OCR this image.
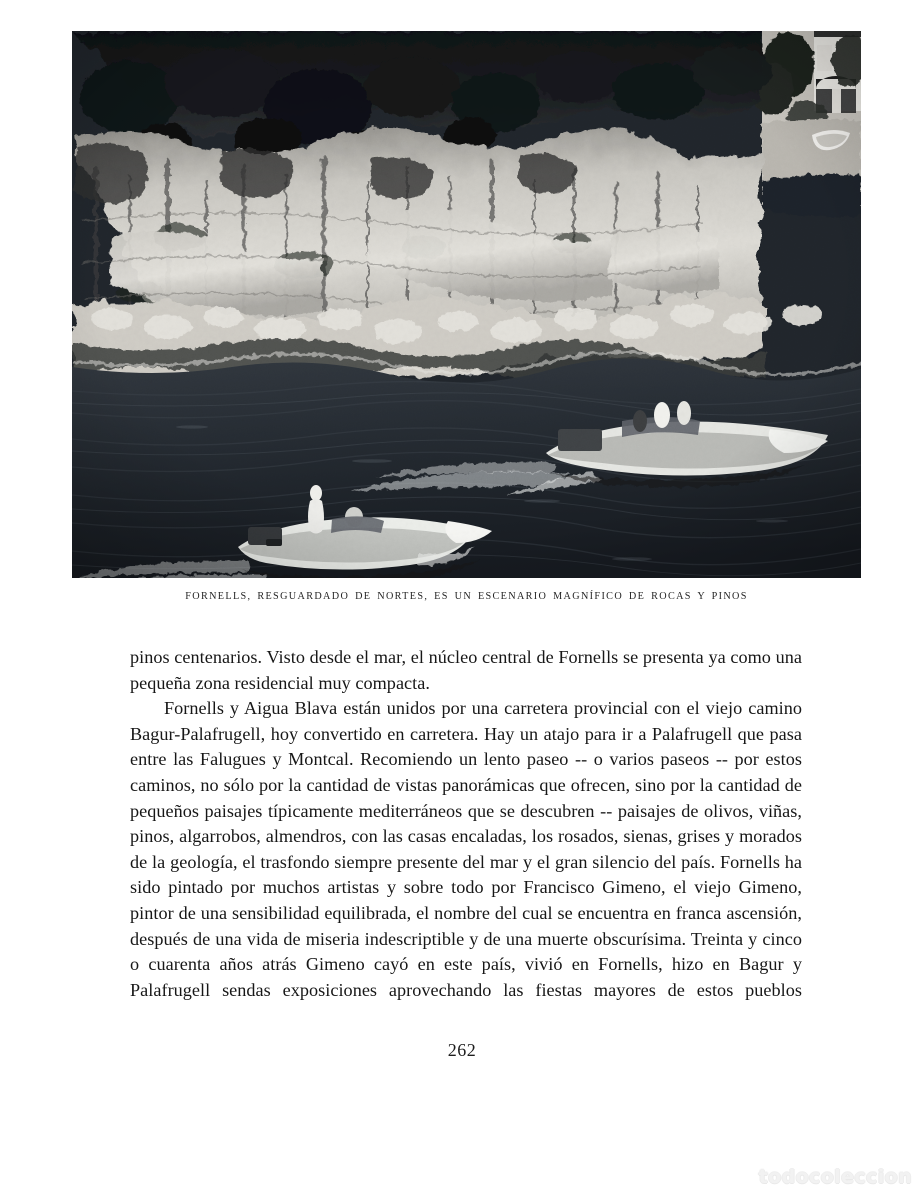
FORNELLS, RESGUARDADO DE NORTES, ES UN ESCENARIO MAGNÍFICO DE ROCAS Y PINOS

pinos centenarios. Visto desde el mar, el núcleo central de Fornells se presenta ya como una pequeña zona residencial muy compacta.

Fornells y Aigua Blava están unidos por una carretera provincial con el viejo camino Bagur-Palafrugell, hoy convertido en carretera. Hay un atajo para ir a Palafrugell que pasa entre las Falugues y Montcal. Recomiendo un lento paseo -- o varios paseos -- por estos caminos, no sólo por la cantidad de vistas panorámicas que ofrecen, sino por la cantidad de pequeños paisajes típicamente mediterráneos que se descubren -- paisajes de olivos, viñas, pinos, algarrobos, almendros, con las casas encaladas, los rosados, sienas, grises y morados de la geología, el trasfondo siempre presente del mar y el gran silencio del país. Fornells ha sido pintado por muchos artistas y sobre todo por Francisco Gimeno, el viejo Gimeno, pintor de una sensibilidad equilibrada, el nombre del cual se encuentra en franca ascensión, después de una vida de miseria indescriptible y de una muerte obscurísima. Treinta y cinco o cuarenta años atrás Gimeno cayó en este país, vivió en Fornells, hizo en Bagur y Palafrugell sendas exposiciones aprovechando las fiestas mayores de estos pueblos

262
todocoleccion
